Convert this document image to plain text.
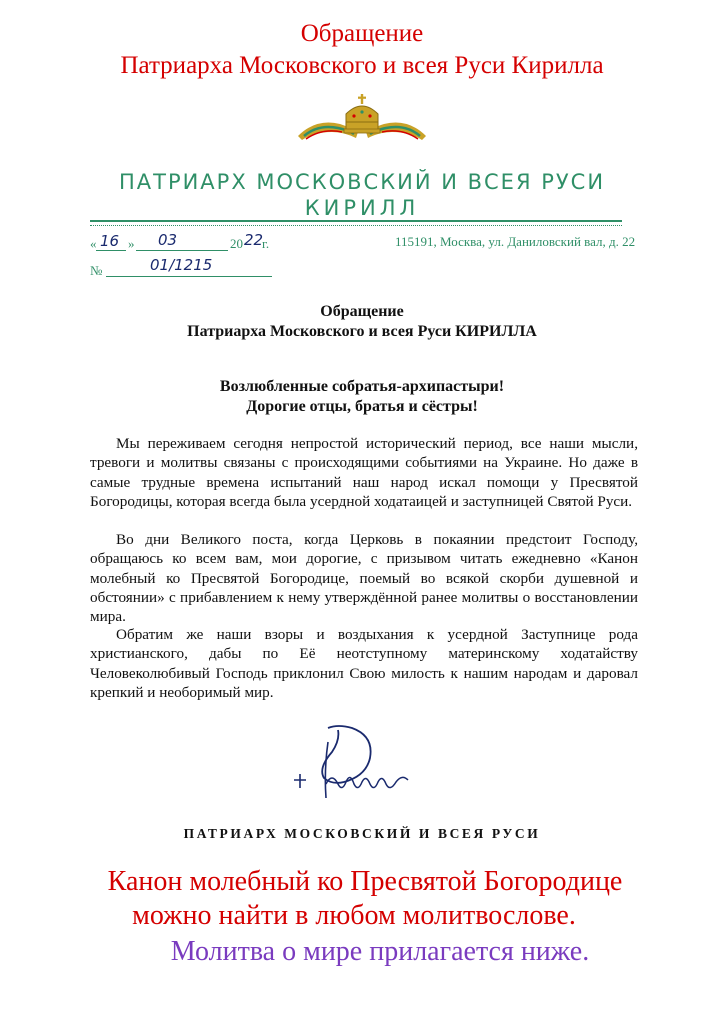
Обращение
Патриарха Московского и всея Руси Кирилла
ПАТРИАРХ МОСКОВСКИЙ И ВСЕЯ РУСИ
КИРИЛЛ
« 16 » 03	20 22
г.	115191, Москва, ул. Даниловский вал, д. 22
№	01/1215
Обращение
Патриарха Московского и всея Руси КИРИЛЛА
Возлюбленные собратья-архипастыри!
Дорогие отцы, братья и сёстры!

Мы переживаем сегодня непростой исторический период, все наши мысли, тревоги и молитвы связаны с происходящими событиями на Украине. Но даже в самые трудные времена испытаний наш народ искал помощи у Пресвятой Богородицы, которая всегда была усердной ходатаицей и заступницей Святой Руси.

Во дни Великого поста, когда Церковь в покаянии предстоит Господу, обращаюсь ко всем вам, мои дорогие, с призывом читать ежедневно «Канон молебный ко Пресвятой Богородице, поемый во всякой скорби душевной и обстоянии» с прибавлением к нему утверждённой ранее молитвы о восстановлении мира.

Обратим же наши взоры и воздыхания к усердной Заступнице рода христианского, дабы по Её неотступному материнскому ходатайству Человеколюбивый Господь приклонил Свою милость к нашим народам и даровал крепкий и необоримый мир.

ПАТРИАРХ МОСКОВСКИЙ И ВСЕЯ РУСИ
Канон молебный ко Пресвятой Богородице
можно найти в любом молитвослове.
Молитва о мире прилагается ниже.
